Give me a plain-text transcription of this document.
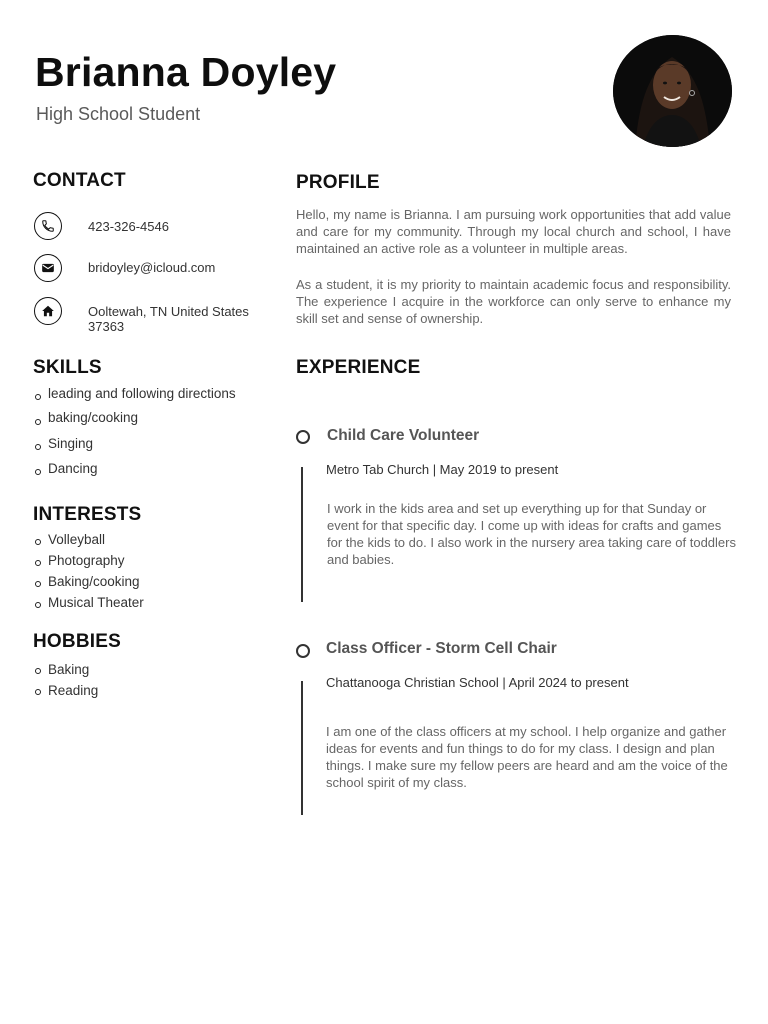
Brianna Doyley

High School Student

CONTACT
423-326-4546
bridoyley@icloud.com
Ooltewah, TN United States 37363
SKILLS
leading and following directions
baking/cooking
Singing
Dancing
INTERESTS
Volleyball
Photography
Baking/cooking
Musical Theater
HOBBIES
Baking
Reading
PROFILE

Hello, my name is Brianna. I am pursuing work opportunities that add value and care for my community. Through my local church and school, I have maintained an active role as a volunteer in multiple areas.

As a student, it is my priority to maintain academic focus and responsibility. The experience I acquire in the workforce can only serve to enhance my skill set and sense of ownership.

EXPERIENCE

Child Care Volunteer

Metro Tab Church | May 2019 to present

I work in the kids area and set up everything up for that Sunday or event for that specific day. I come up with ideas for crafts and games for the kids to do. I also work in the nursery area taking care of toddlers and babies.

Class Officer - Storm Cell Chair

Chattanooga Christian School | April 2024 to present

I am one of the class officers at my school. I help organize and gather ideas for events and fun things to do for my class. I design and plan things. I make sure my fellow peers are heard and am the voice of the school spirit of my class.
